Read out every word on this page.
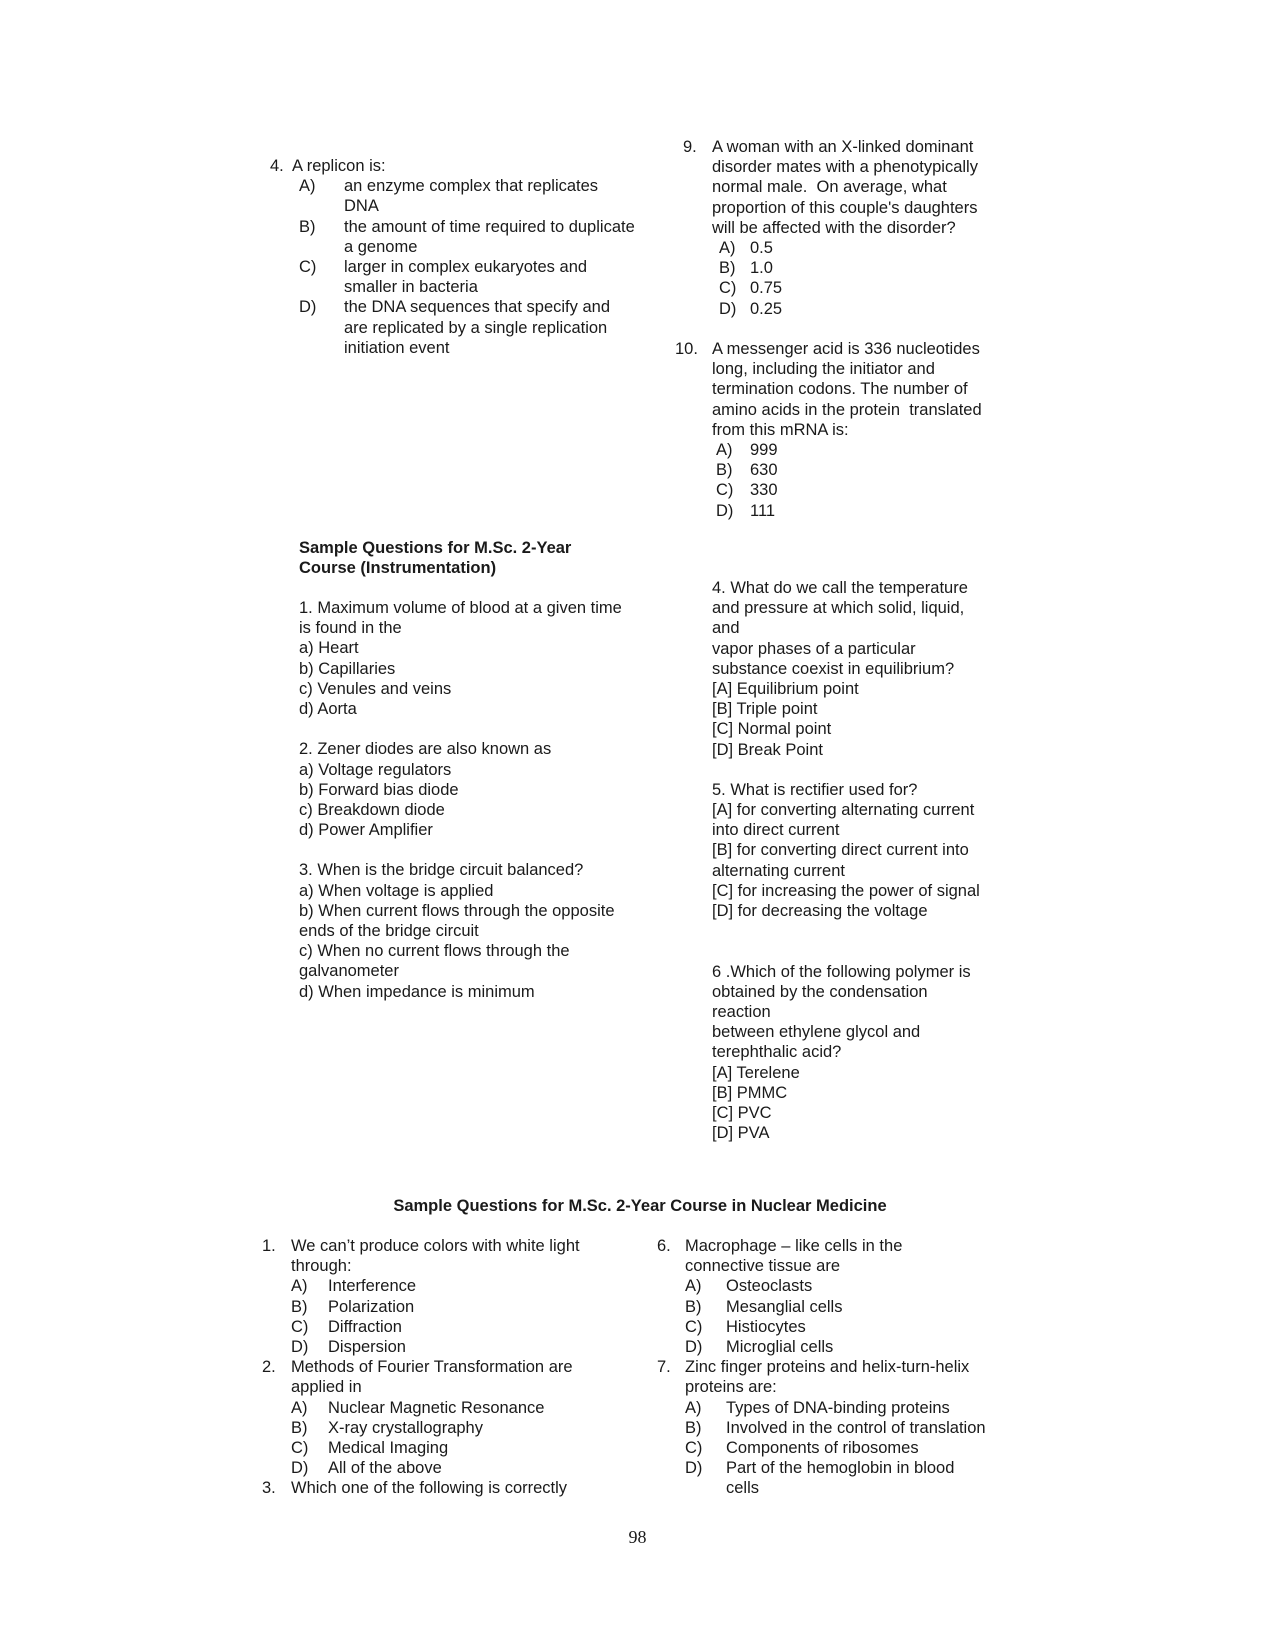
4. A replicon is:
A) an enzyme complex that replicates
DNA
B) the amount of time required to duplicate
a genome
C) larger in complex eukaryotes and
smaller in bacteria
D) the DNA sequences that specify and
are replicated by a single replication
initiation event
9. A woman with an X-linked dominant
disorder mates with a phenotypically
normal male.  On average, what
proportion of this couple's daughters
will be affected with the disorder?
A) 0.5
B) 1.0
C) 0.75
D) 0.25
10. A messenger acid is 336 nucleotides
long, including the initiator and
termination codons. The number of
amino acids in the protein  translated
from this mRNA is:
A) 999
B) 630
C) 330
D) 111
Sample Questions for M.Sc. 2-Year
Course (Instrumentation)
1. Maximum volume of blood at a given time
is found in the
a) Heart
b) Capillaries
c) Venules and veins
d) Aorta
2. Zener diodes are also known as
a) Voltage regulators
b) Forward bias diode
c) Breakdown diode
d) Power Amplifier
3. When is the bridge circuit balanced?
a) When voltage is applied
b) When current flows through the opposite
ends of the bridge circuit
c) When no current flows through the
galvanometer
d) When impedance is minimum
4. What do we call the temperature
and pressure at which solid, liquid,
and
vapor phases of a particular
substance coexist in equilibrium?
[A] Equilibrium point
[B] Triple point
[C] Normal point
[D] Break Point
5. What is rectifier used for?
[A] for converting alternating current
into direct current
[B] for converting direct current into
alternating current
[C] for increasing the power of signal
[D] for decreasing the voltage
6 .Which of the following polymer is
obtained by the condensation
reaction
between ethylene glycol and
terephthalic acid?
[A] Terelene
[B] PMMC
[C] PVC
[D] PVA
Sample Questions for M.Sc. 2-Year Course in Nuclear Medicine
1. We can’t produce colors with white light
through:
A) Interference
B) Polarization
C) Diffraction
D) Dispersion
2. Methods of Fourier Transformation are
applied in
A) Nuclear Magnetic Resonance
B) X-ray crystallography
C) Medical Imaging
D) All of the above
3. Which one of the following is correctly
6. Macrophage – like cells in the
connective tissue are
A) Osteoclasts
B) Mesanglial cells
C) Histiocytes
D) Microglial cells
7. Zinc finger proteins and helix-turn-helix
proteins are:
A) Types of DNA-binding proteins
B) Involved in the control of translation
C) Components of ribosomes
D) Part of the hemoglobin in blood
cells
98
